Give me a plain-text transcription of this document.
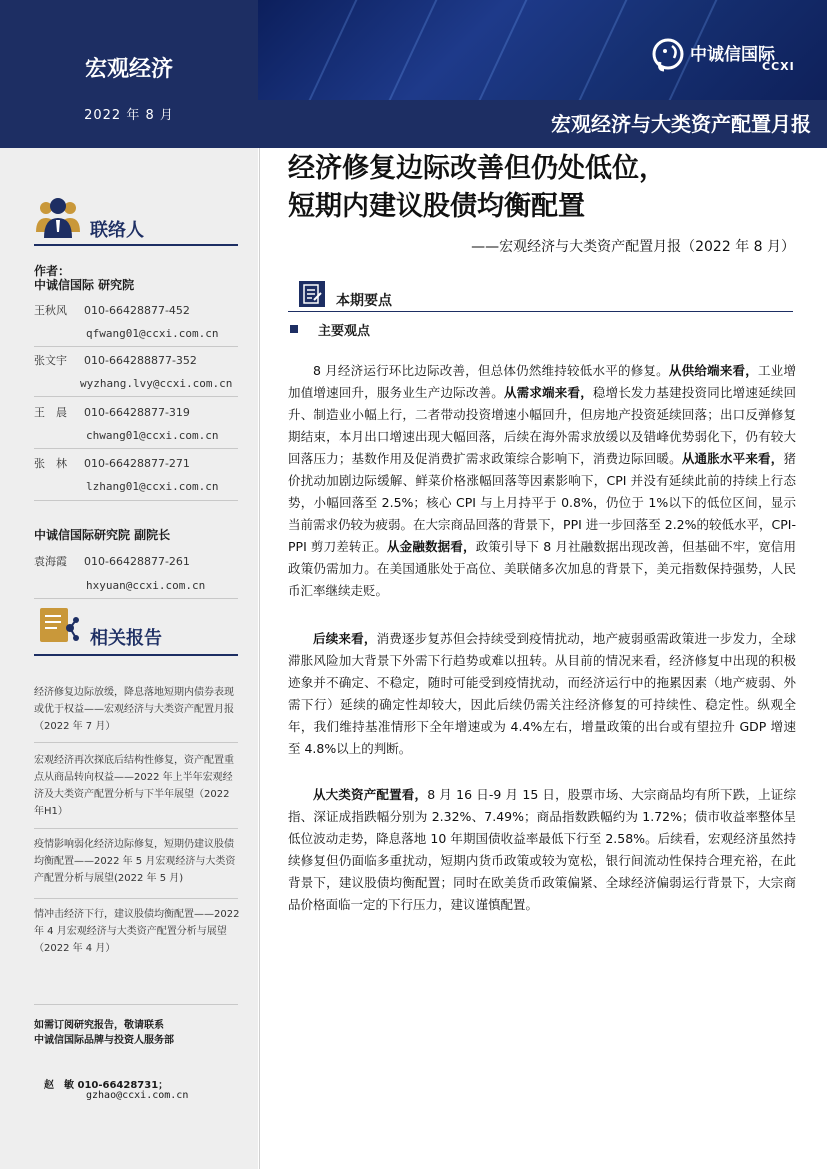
宏观经济
2022 年 8 月	宏观经济与大类资产配置月报
中诚信国际
CCXI
联络人
作者：
中诚信国际 研究院
王秋风 010-66428877-452
qfwang01@ccxi.com.cn
张文宇 010-664288877-352
wyzhang.lvy@ccxi.com.cn
王　晨 010-66428877-319
chwang01@ccxi.com.cn
张　林 010-66428877-271
lzhang01@ccxi.com.cn
中诚信国际研究院 副院长
袁海霞 010-66428877-261
hxyuan@ccxi.com.cn
相关报告
经济修复边际放缓，降息落地短期内债券表现或优于权益——宏观经济与大类资产配置月报（2022 年 7 月）
宏观经济再次探底后结构性修复，资产配置重点从商品转向权益——2022 年上半年宏观经济及大类资产配置分析与下半年展望（2022 年H1）
疫情影响弱化经济边际修复，短期仍建议股债均衡配置——2022 年 5 月宏观经济与大类资产配置分析与展望(2022 年 5 月)
情冲击经济下行，建议股债均衡配置——2022 年 4 月宏观经济与大类资产配置分析与展望（2022 年 4 月）
如需订阅研究报告，敬请联系
中诚信国际品牌与投资人服务部
赵　敏 010-66428731；
gzhao@ccxi.com.cn
经济修复边际改善但仍处低位，
短期内建议股债均衡配置
——宏观经济与大类资产配置月报（2022 年 8 月）
本期要点
主要观点
8 月经济运行环比边际改善，但总体仍然维持较低水平的修复。从供给端来看，工业增加值增速回升，服务业生产边际改善。从需求端来看，稳增长发力基建投资同比增速延续回升、制造业小幅上行，二者带动投资增速小幅回升，但房地产投资延续回落；出口反弹修复期结束，本月出口增速出现大幅回落，后续在海外需求放缓以及错峰优势弱化下，仍有较大回落压力；基数作用及促消费扩需求政策综合影响下，消费边际回暖。从通胀水平来看，猪价扰动加剧边际缓解、鲜菜价格涨幅回落等因素影响下，CPI 并没有延续此前的持续上行态势，小幅回落至 2.5%；核心 CPI 与上月持平于 0.8%，仍位于 1%以下的低位区间，显示当前需求仍较为疲弱。在大宗商品回落的背景下，PPI 进一步回落至 2.2%的较低水平，CPI-PPI 剪刀差转正。从金融数据看，政策引导下 8 月社融数据出现改善，但基础不牢，宽信用政策仍需加力。在美国通胀处于高位、美联储多次加息的背景下，美元指数保持强势，人民币汇率继续走贬。
后续来看，消费逐步复苏但会持续受到疫情扰动，地产疲弱亟需政策进一步发力，全球滞胀风险加大背景下外需下行趋势或难以扭转。从目前的情况来看，经济修复中出现的积极迹象并不确定、不稳定，随时可能受到疫情扰动，而经济运行中的拖累因素（地产疲弱、外需下行）延续的确定性却较大，因此后续仍需关注经济修复的可持续性、稳定性。纵观全年，我们维持基准情形下全年增速或为 4.4%左右，增量政策的出台或有望拉升 GDP 增速至 4.8%以上的判断。
从大类资产配置看，8 月 16 日-9 月 15 日，股票市场、大宗商品均有所下跌，上证综指、深证成指跌幅分别为 2.32%、7.49%；商品指数跌幅约为 1.72%；债市收益率整体呈低位波动走势，降息落地 10 年期国债收益率最低下行至 2.58%。后续看，宏观经济虽然持续修复但仍面临多重扰动，短期内货币政策或较为宽松，银行间流动性保持合理充裕，在此背景下，建议股债均衡配置；同时在欧美货币政策偏紧、全球经济偏弱运行背景下，大宗商品价格面临一定的下行压力，建议谨慎配置。
